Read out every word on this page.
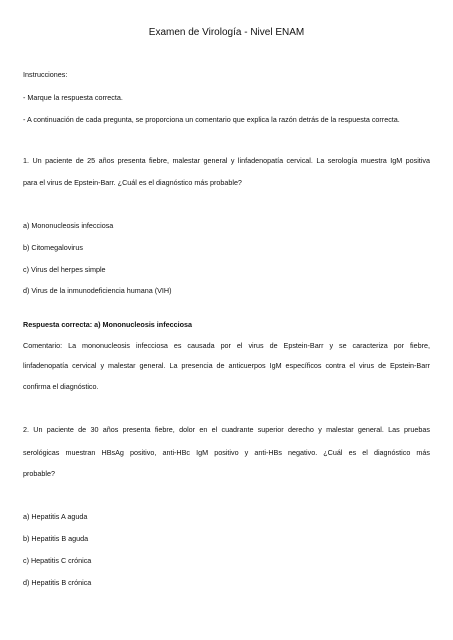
Examen de Virología - Nivel ENAM
Instrucciones:
- Marque la respuesta correcta.
- A continuación de cada pregunta, se proporciona un comentario que explica la razón detrás de la respuesta correcta.
1. Un paciente de 25 años presenta fiebre, malestar general y linfadenopatía cervical. La serología muestra IgM positiva
para el virus de Epstein-Barr. ¿Cuál es el diagnóstico más probable?
a) Mononucleosis infecciosa
b) Citomegalovirus
c) Virus del herpes simple
d) Virus de la inmunodeficiencia humana (VIH)
Respuesta correcta: a) Mononucleosis infecciosa
Comentario: La mononucleosis infecciosa es causada por el virus de Epstein-Barr y se caracteriza por fiebre,
linfadenopatía cervical y malestar general. La presencia de anticuerpos IgM específicos contra el virus de Epstein-Barr
confirma el diagnóstico.
2. Un paciente de 30 años presenta fiebre, dolor en el cuadrante superior derecho y malestar general. Las pruebas
serológicas muestran HBsAg positivo, anti-HBc IgM positivo y anti-HBs negativo. ¿Cuál es el diagnóstico más
probable?
a) Hepatitis A aguda
b) Hepatitis B aguda
c) Hepatitis C crónica
d) Hepatitis B crónica
